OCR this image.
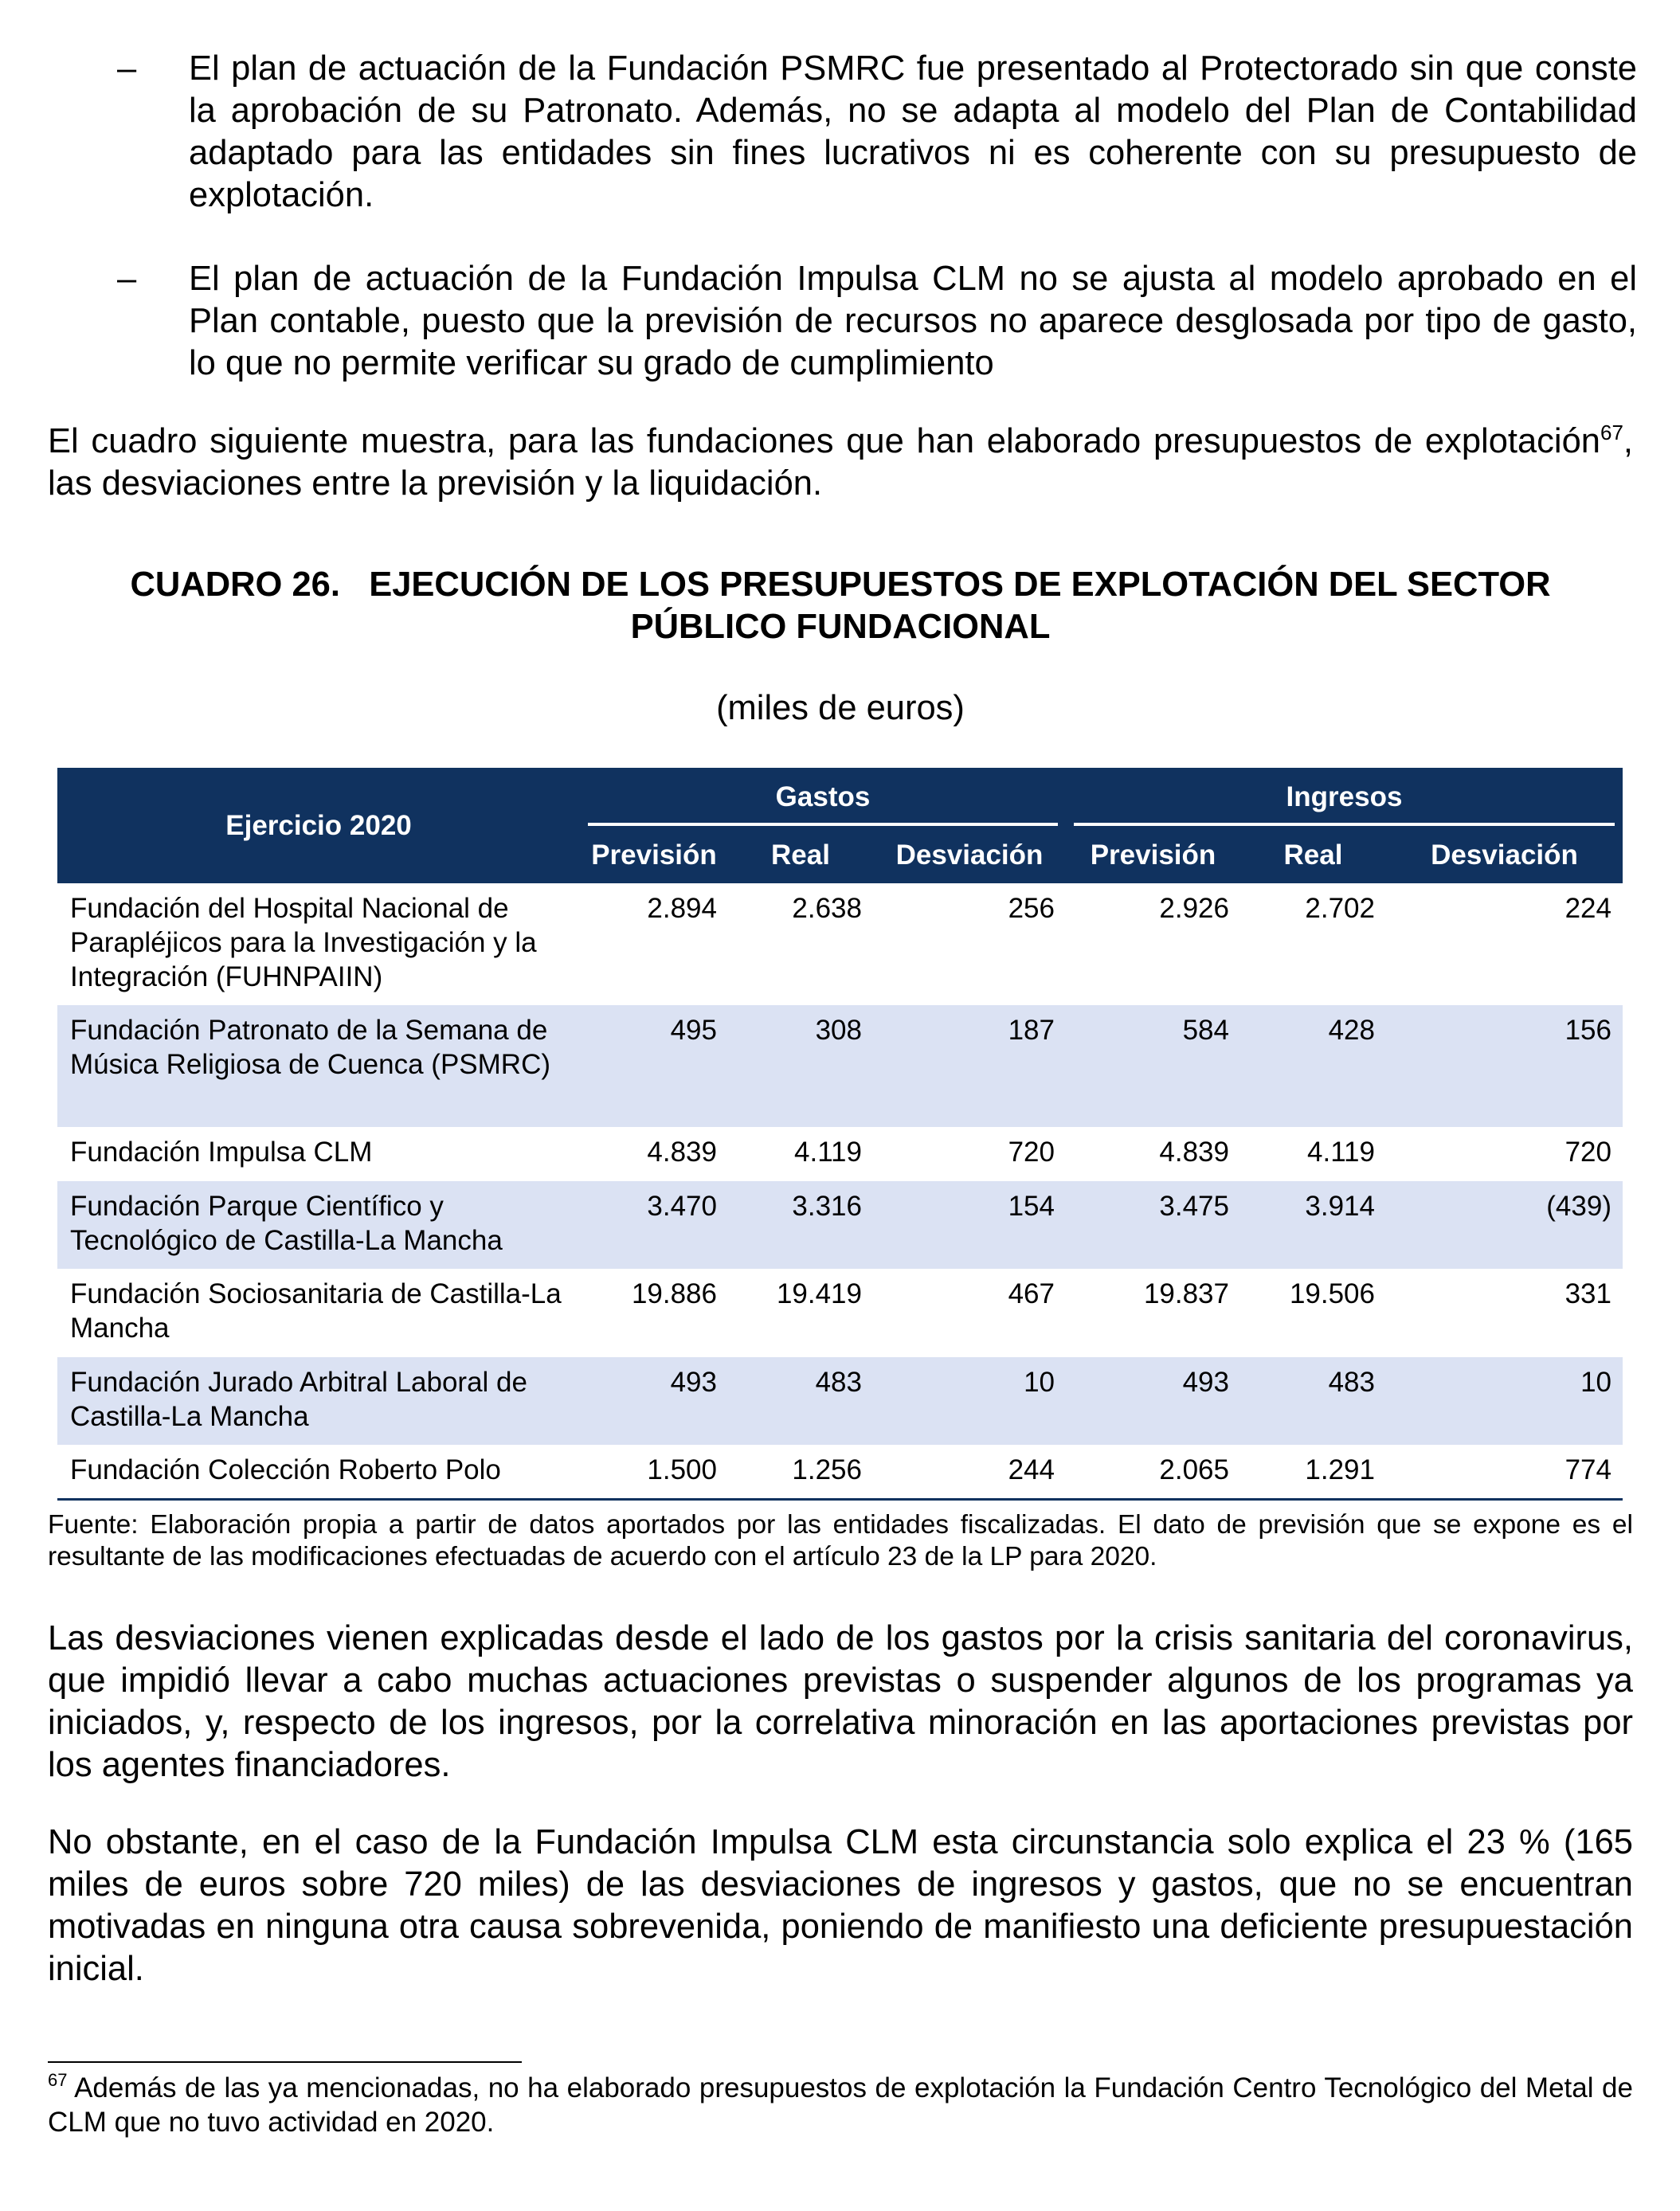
– El plan de actuación de la Fundación PSMRC fue presentado al Protectorado sin que conste la aprobación de su Patronato. Además, no se adapta al modelo del Plan de Contabilidad adaptado para las entidades sin fines lucrativos ni es coherente con su presupuesto de explotación.
– El plan de actuación de la Fundación Impulsa CLM no se ajusta al modelo aprobado en el Plan contable, puesto que la previsión de recursos no aparece desglosada por tipo de gasto, lo que no permite verificar su grado de cumplimiento
El cuadro siguiente muestra, para las fundaciones que han elaborado presupuestos de explotación$^{67}$, las desviaciones entre la previsión y la liquidación.
CUADRO 26.   EJECUCIÓN DE LOS PRESUPUESTOS DE EXPLOTACIÓN DEL SECTOR
PÚBLICO FUNDACIONAL
(miles de euros)
Ejercicio 2020	Gastos			Ingresos		

	Previsión	Real	Desviación	Previsión	Real	Desviación
Fundación del Hospital Nacional de Parapléjicos para la Investigación y la Integración (FUHNPAIIN)	2.894	2.638	256	2.926	2.702	224
Fundación Patronato de la Semana de Música Religiosa de Cuenca (PSMRC)	495	308	187	584	428	156
Fundación Impulsa CLM	4.839	4.119	720	4.839	4.119	720
Fundación Parque Científico y Tecnológico de Castilla-La Mancha	3.470	3.316	154	3.475	3.914	(439)
Fundación Sociosanitaria de Castilla-La Mancha	19.886	19.419	467	19.837	19.506	331
Fundación Jurado Arbitral Laboral de Castilla-La Mancha	493	483	10	493	483	10
Fundación Colección Roberto Polo	1.500	1.256	244	2.065	1.291	774
Fuente: Elaboración propia a partir de datos aportados por las entidades fiscalizadas. El dato de previsión que se expone es el resultante de las modificaciones efectuadas de acuerdo con el artículo 23 de la LP para 2020.
Las desviaciones vienen explicadas desde el lado de los gastos por la crisis sanitaria del coronavirus, que impidió llevar a cabo muchas actuaciones previstas o suspender algunos de los programas ya iniciados, y, respecto de los ingresos, por la correlativa minoración en las aportaciones previstas por los agentes financiadores.
No obstante, en el caso de la Fundación Impulsa CLM esta circunstancia solo explica el 23 % (165 miles de euros sobre 720 miles) de las desviaciones de ingresos y gastos, que no se encuentran motivadas en ninguna otra causa sobrevenida, poniendo de manifiesto una deficiente presupuestación inicial.
$^{67}$ Además de las ya mencionadas, no ha elaborado presupuestos de explotación la Fundación Centro Tecnológico del Metal de CLM que no tuvo actividad en 2020.
